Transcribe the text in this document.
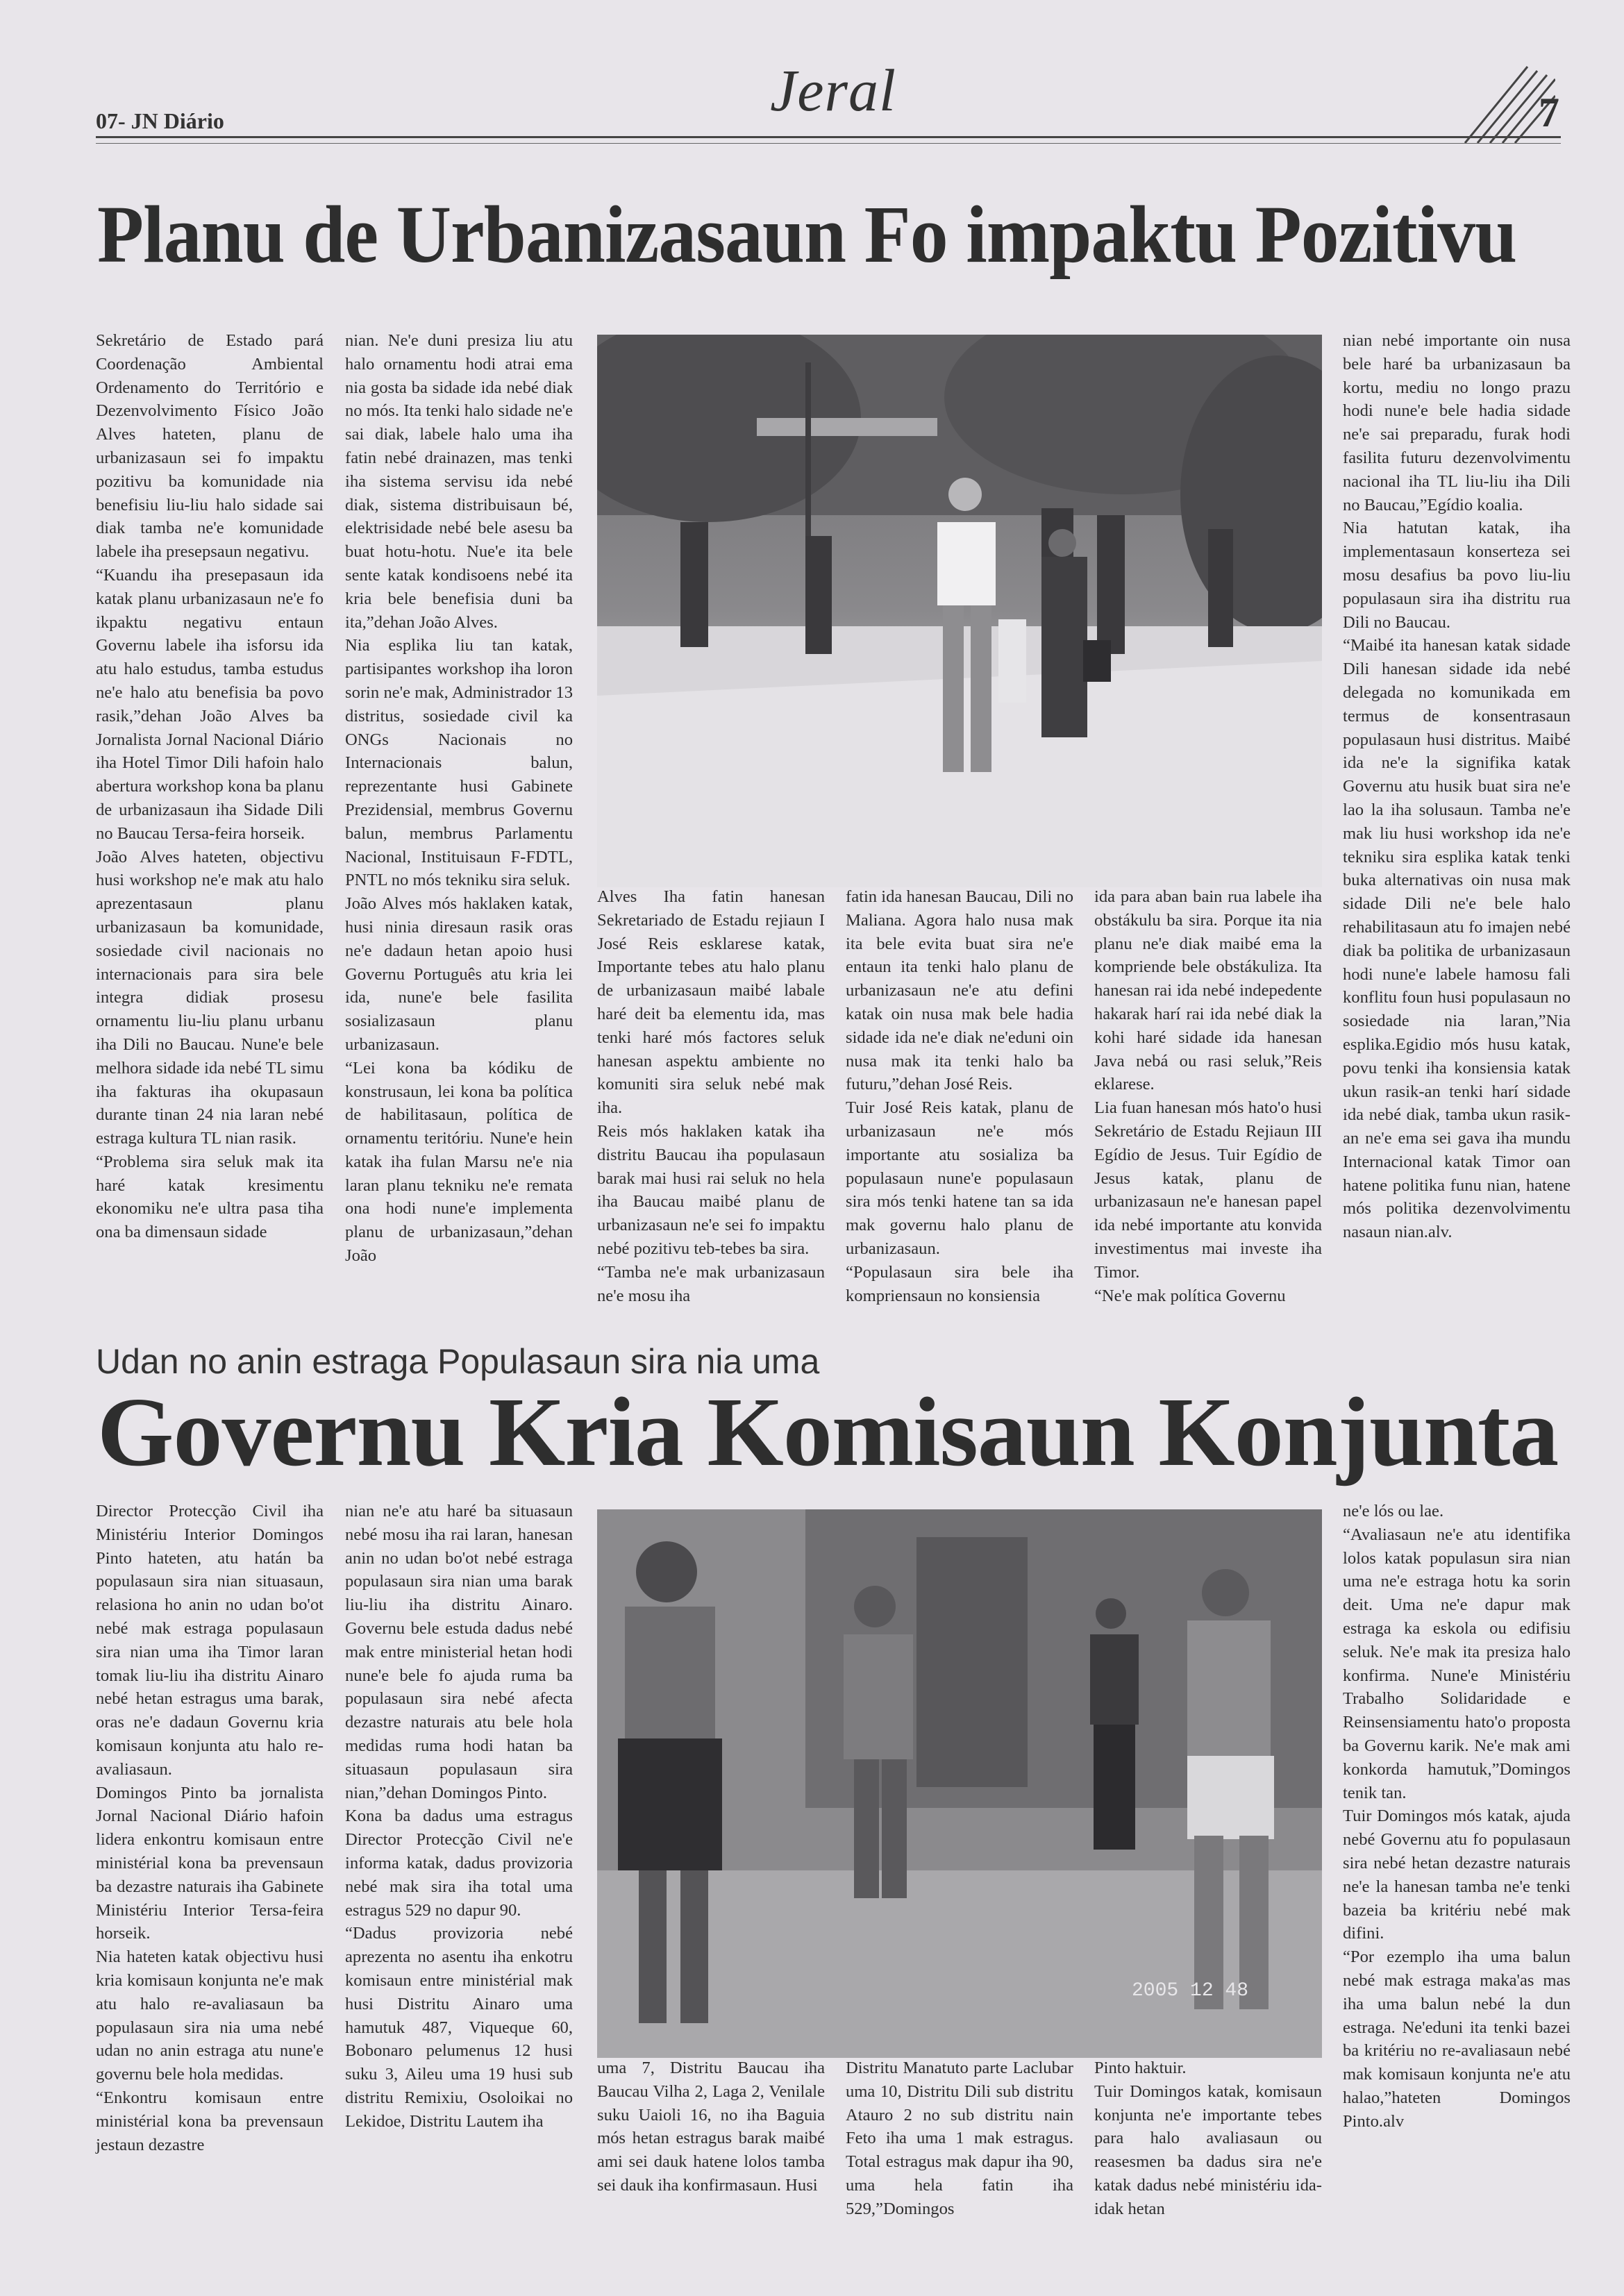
Jeral
07- JN Diário	7
Planu de Urbanizasaun Fo impaktu Pozitivu

Sekretário de Estado pará Coordenação Ambiental Ordenamento do Território e Dezenvolvimento Físico João Alves hateten, planu de urbanizasaun sei fo impaktu pozitivu ba komunidade nia benefisiu liu-liu halo sidade sai diak tamba ne'e komunidade labele iha presepsaun negativu.

“Kuandu iha presepasaun ida katak planu urbanizasaun ne'e fo ikpaktu negativu entaun Governu labele iha isforsu ida atu halo estudus, tamba estudus ne'e halo atu benefisia ba povo rasik,”dehan João Alves ba Jornalista Jornal Nacional Diário iha Hotel Timor Dili hafoin halo abertura workshop kona ba planu de urbanizasaun iha Sidade Dili no Baucau Tersa-feira horseik.

João Alves hateten, objectivu husi workshop ne'e mak atu halo aprezentasaun planu urbanizasaun ba komunidade, sosiedade civil nacionais no internacionais para sira bele integra didiak prosesu ornamentu liu-liu planu urbanu iha Dili no Baucau. Nune'e bele melhora sidade ida nebé TL simu iha fakturas iha okupasaun durante tinan 24 nia laran nebé estraga kultura TL nian rasik.

“Problema sira seluk mak ita haré katak kresimentu ekonomiku ne'e ultra pasa tiha ona ba dimensaun sidade

nian. Ne'e duni presiza liu atu halo ornamentu hodi atrai ema nia gosta ba sidade ida nebé diak no mós. Ita tenki halo sidade ne'e sai diak, labele halo uma iha fatin nebé drainazen, mas tenki iha sistema servisu ida nebé diak, sistema distribuisaun bé, elektrisidade nebé bele asesu ba buat hotu-hotu. Nue'e ita bele sente katak kondisoens nebé ita kria bele benefisia duni ba ita,”dehan João Alves.

Nia esplika liu tan katak, partisipantes workshop iha loron sorin ne'e mak, Administrador 13 distritus, sosiedade civil ka ONGs Nacionais no Internacionais balun, reprezentante husi Gabinete Prezidensial, membrus Governu balun, membrus Parlamentu Nacional, Instituisaun F-FDTL, PNTL no mós tekniku sira seluk.

João Alves mós haklaken katak, husi ninia diresaun rasik oras ne'e dadaun hetan apoio husi Governu Português atu kria lei ida, nune'e bele fasilita sosializasaun planu urbanizasaun.

“Lei kona ba kódiku de konstrusaun, lei kona ba política de habilitasaun, política de ornamentu teritóriu. Nune'e hein katak iha fulan Marsu ne'e nia laran planu tekniku ne'e remata ona hodi nune'e implementa planu de urbanizasaun,”dehan João

Alves Iha fatin hanesan Sekretariado de Estadu rejiaun I José Reis esklarese katak, Importante tebes atu halo planu de urbanizasaun maibé labale haré deit ba elementu ida, mas tenki haré mós factores seluk hanesan aspektu ambiente no komuniti sira seluk nebé mak iha.

Reis mós haklaken katak iha distritu Baucau iha populasaun barak mai husi rai seluk no hela iha Baucau maibé planu de urbanizasaun ne'e sei fo impaktu nebé pozitivu teb-tebes ba sira.

“Tamba ne'e mak urbanizasaun ne'e mosu iha

fatin ida hanesan Baucau, Dili no Maliana. Agora halo nusa mak ita bele evita buat sira ne'e entaun ita tenki halo planu de urbanizasaun ne'e atu defini katak oin nusa mak bele hadia sidade ida ne'e diak ne'eduni oin nusa mak ita tenki halo ba futuru,”dehan José Reis.

Tuir José Reis katak, planu de urbanizasaun ne'e mós importante atu sosializa ba populasaun nune'e populasaun sira mós tenki hatene tan sa ida mak governu halo planu de urbanizasaun.

“Populasaun sira bele iha kompriensaun no konsiensia

ida para aban bain rua labele iha obstákulu ba sira. Porque ita nia planu ne'e diak maibé ema la kompriende bele obstákuliza. Ita hanesan rai ida nebé indepedente hakarak harí rai ida nebé diak la kohi haré sidade ida hanesan Java nebá ou rasi seluk,”Reis eklarese.

Lia fuan hanesan mós hato'o husi Sekretário de Estadu Rejiaun III Egídio de Jesus. Tuir Egídio de Jesus katak, planu de urbanizasaun ne'e hanesan papel ida nebé importante atu konvida investimentus mai investe iha Timor.

“Ne'e mak política Governu

nian nebé importante oin nusa bele haré ba urbanizasaun ba kortu, mediu no longo prazu hodi nune'e bele hadia sidade ne'e sai preparadu, furak hodi fasilita futuru dezenvolvimentu nacional iha TL liu-liu iha Dili no Baucau,”Egídio koalia.

Nia hatutan katak, iha implementasaun konserteza sei mosu desafius ba povo liu-liu populasaun sira iha distritu rua Dili no Baucau.

“Maibé ita hanesan katak sidade Dili hanesan sidade ida nebé delegada no komunikada em termus de konsentrasaun populasaun husi distritus. Maibé ida ne'e la signifika katak Governu atu husik buat sira ne'e lao la iha solusaun. Tamba ne'e mak liu husi workshop ida ne'e tekniku sira esplika katak tenki buka alternativas oin nusa mak sidade Dili ne'e bele halo rehabilitasaun atu fo imajen nebé diak ba politika de urbanizasaun hodi nune'e labele hamosu fali konflitu foun husi populasaun no sosiedade nia laran,”Nia esplika.Egidio mós husu katak, povu tenki iha konsiensia katak ukun rasik-an tenki harí sidade ida nebé diak, tamba ukun rasik-an ne'e ema sei gava iha mundu Internacional katak Timor oan hatene politika funu nian, hatene mós politika dezenvolvimentu nasaun nian.alv.

Udan no anin estraga Populasaun sira nia uma
Governu Kria Komisaun Konjunta

Director Protecção Civil iha Ministériu Interior Domingos Pinto hateten, atu hatán ba populasaun sira nian situasaun, relasiona ho anin no udan bo'ot nebé mak estraga populasaun sira nian uma iha Timor laran tomak liu-liu iha distritu Ainaro nebé hetan estragus uma barak, oras ne'e dadaun Governu kria komisaun konjunta atu halo re-avaliasaun.

Domingos Pinto ba jornalista Jornal Nacional Diário hafoin lidera enkontru komisaun entre ministérial kona ba prevensaun ba dezastre naturais iha Gabinete Ministériu Interior Tersa-feira horseik.

Nia hateten katak objectivu husi kria komisaun konjunta ne'e mak atu halo re-avaliasaun ba populasaun sira nia uma nebé udan no anin estraga atu nune'e governu bele hola medidas.

“Enkontru komisaun entre ministérial kona ba prevensaun jestaun dezastre

nian ne'e atu haré ba situasaun nebé mosu iha rai laran, hanesan anin no udan bo'ot nebé estraga populasaun sira nian uma barak liu-liu iha distritu Ainaro. Governu bele estuda dadus nebé mak entre ministerial hetan hodi nune'e bele fo ajuda ruma ba populasaun sira nebé afecta dezastre naturais atu bele hola medidas ruma hodi hatan ba situasaun populasaun sira nian,”dehan Domingos Pinto.

Kona ba dadus uma estragus Director Protecção Civil ne'e informa katak, dadus provizoria nebé mak sira iha total uma estragus 529 no dapur 90.

“Dadus provizoria nebé aprezenta no asentu iha enkotru komisaun entre ministérial mak husi Distritu Ainaro uma hamutuk 487, Viqueque 60, Bobonaro pelumenus 12 husi suku 3, Aileu uma 19 husi sub distritu Remixiu, Osoloikai no Lekidoe, Distritu Lautem iha

2005 12 48

uma 7, Distritu Baucau iha Baucau Vilha 2, Laga 2, Venilale suku Uaioli 16, no iha Baguia mós hetan estragus barak maibé ami sei dauk hatene lolos tamba sei dauk iha konfirmasaun. Husi

Distritu Manatuto parte Laclubar uma 10, Distritu Dili sub distritu Atauro 2 no sub distritu nain Feto iha uma 1 mak estragus. Total estragus mak dapur iha 90, uma hela fatin iha 529,”Domingos

Pinto haktuir.

Tuir Domingos katak, komisaun konjunta ne'e importante tebes para halo avaliasaun ou reasesmen ba dadus sira ne'e katak dadus nebé ministériu ida-idak hetan

ne'e lós ou lae.

“Avaliasaun ne'e atu identifika lolos katak populasun sira nian uma ne'e estraga hotu ka sorin deit. Uma ne'e dapur mak estraga ka eskola ou edifisiu seluk. Ne'e mak ita presiza halo konfirma. Nune'e Ministériu Trabalho Solidaridade e Reinsensiamentu hato'o proposta ba Governu karik. Ne'e mak ami konkorda hamutuk,”Domingos tenik tan.

Tuir Domingos mós katak, ajuda nebé Governu atu fo populasaun sira nebé hetan dezastre naturais ne'e la hanesan tamba ne'e tenki bazeia ba kritériu nebé mak difini.

“Por ezemplo iha uma balun nebé mak estraga maka'as mas iha uma balun nebé la dun estraga. Ne'eduni ita tenki bazei ba kritériu no re-avaliasaun nebé mak komisaun konjunta ne'e atu halao,”hateten Domingos Pinto.alv
